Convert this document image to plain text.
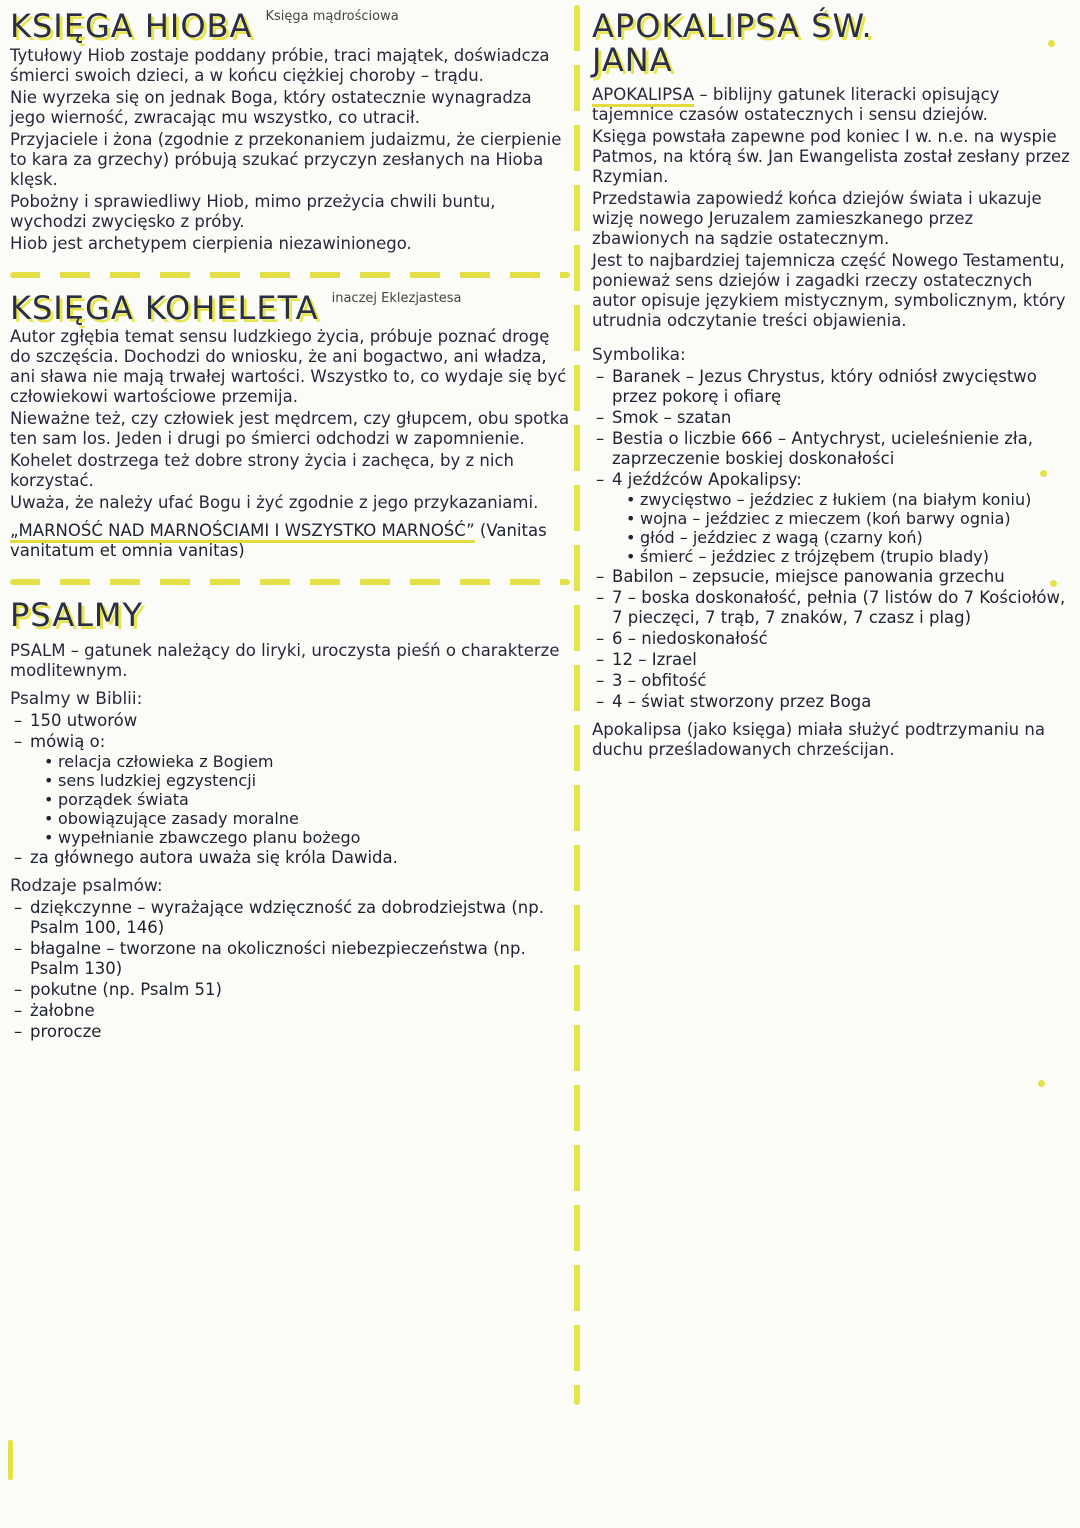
KSIĘGA HIOBA Księga mądrościowa

Tytułowy Hiob zostaje poddany próbie, traci majątek, doświadcza śmierci swoich dzieci, a w końcu ciężkiej choroby – trądu.

Nie wyrzeka się on jednak Boga, który ostatecznie wynagradza jego wierność, zwracając mu wszystko, co utracił.

Przyjaciele i żona (zgodnie z przekonaniem judaizmu, że cierpienie to kara za grzechy) próbują szukać przyczyn zesłanych na Hioba klęsk.

Pobożny i sprawiedliwy Hiob, mimo przeżycia chwili buntu, wychodzi zwycięsko z próby.

Hiob jest archetypem cierpienia niezawinionego.

KSIĘGA KOHELETA inaczej Eklezjastesa

Autor zgłębia temat sensu ludzkiego życia, próbuje poznać drogę do szczęścia. Dochodzi do wniosku, że ani bogactwo, ani władza, ani sława nie mają trwałej wartości. Wszystko to, co wydaje się być człowiekowi wartościowe przemija.

Nieważne też, czy człowiek jest mędrcem, czy głupcem, obu spotka ten sam los. Jeden i drugi po śmierci odchodzi w zapomnienie.

Kohelet dostrzega też dobre strony życia i zachęca, by z nich korzystać.

Uważa, że należy ufać Bogu i żyć zgodnie z jego przykazaniami.

„MARNOŚĆ NAD MARNOŚCIAMI I WSZYSTKO MARNOŚĆ” (Vanitas vanitatum et omnia vanitas)
PSALMY

PSALM – gatunek należący do liryki, uroczysta pieśń o charakterze modlitewnym.

Psalmy w Biblii:
– 150 utworów
– mówią o:
• relacja człowieka z Bogiem
• sens ludzkiej egzystencji
• porządek świata
• obowiązujące zasady moralne
• wypełnianie zbawczego planu bożego
– za głównego autora uważa się króla Dawida.
Rodzaje psalmów:
– dziękczynne – wyrażające wdzięczność za dobrodziejstwa (np. Psalm 100, 146)
– błagalne – tworzone na okoliczności niebezpieczeństwa (np. Psalm 130)
– pokutne (np. Psalm 51)
– żałobne
– prorocze
APOKALIPSA ŚW.
JANA

APOKALIPSA – biblijny gatunek literacki opisujący tajemnice czasów ostatecznych i sensu dziejów.

Księga powstała zapewne pod koniec I w. n.e. na wyspie Patmos, na którą św. Jan Ewangelista został zesłany przez Rzymian.

Przedstawia zapowiedź końca dziejów świata i ukazuje wizję nowego Jeruzalem zamieszkanego przez zbawionych na sądzie ostatecznym.

Jest to najbardziej tajemnicza część Nowego Testamentu, ponieważ sens dziejów i zagadki rzeczy ostatecznych autor opisuje językiem mistycznym, symbolicznym, który utrudnia odczytanie treści objawienia.

Symbolika:
– Baranek – Jezus Chrystus, który odniósł zwycięstwo przez pokorę i ofiarę
– Smok – szatan
– Bestia o liczbie 666 – Antychryst, ucieleśnienie zła, zaprzeczenie boskiej doskonałości
– 4 jeźdźców Apokalipsy:
• zwycięstwo – jeździec z łukiem (na białym koniu)
• wojna – jeździec z mieczem (koń barwy ognia)
• głód – jeździec z wagą (czarny koń)
• śmierć – jeździec z trójzębem (trupio blady)
– Babilon – zepsucie, miejsce panowania grzechu
– 7 – boska doskonałość, pełnia (7 listów do 7 Kościołów, 7 pieczęci, 7 trąb, 7 znaków, 7 czasz i plag)
– 6 – niedoskonałość
– 12 – Izrael
– 3 – obfitość
– 4 – świat stworzony przez Boga

Apokalipsa (jako księga) miała służyć podtrzymaniu na duchu prześladowanych chrześcijan.
